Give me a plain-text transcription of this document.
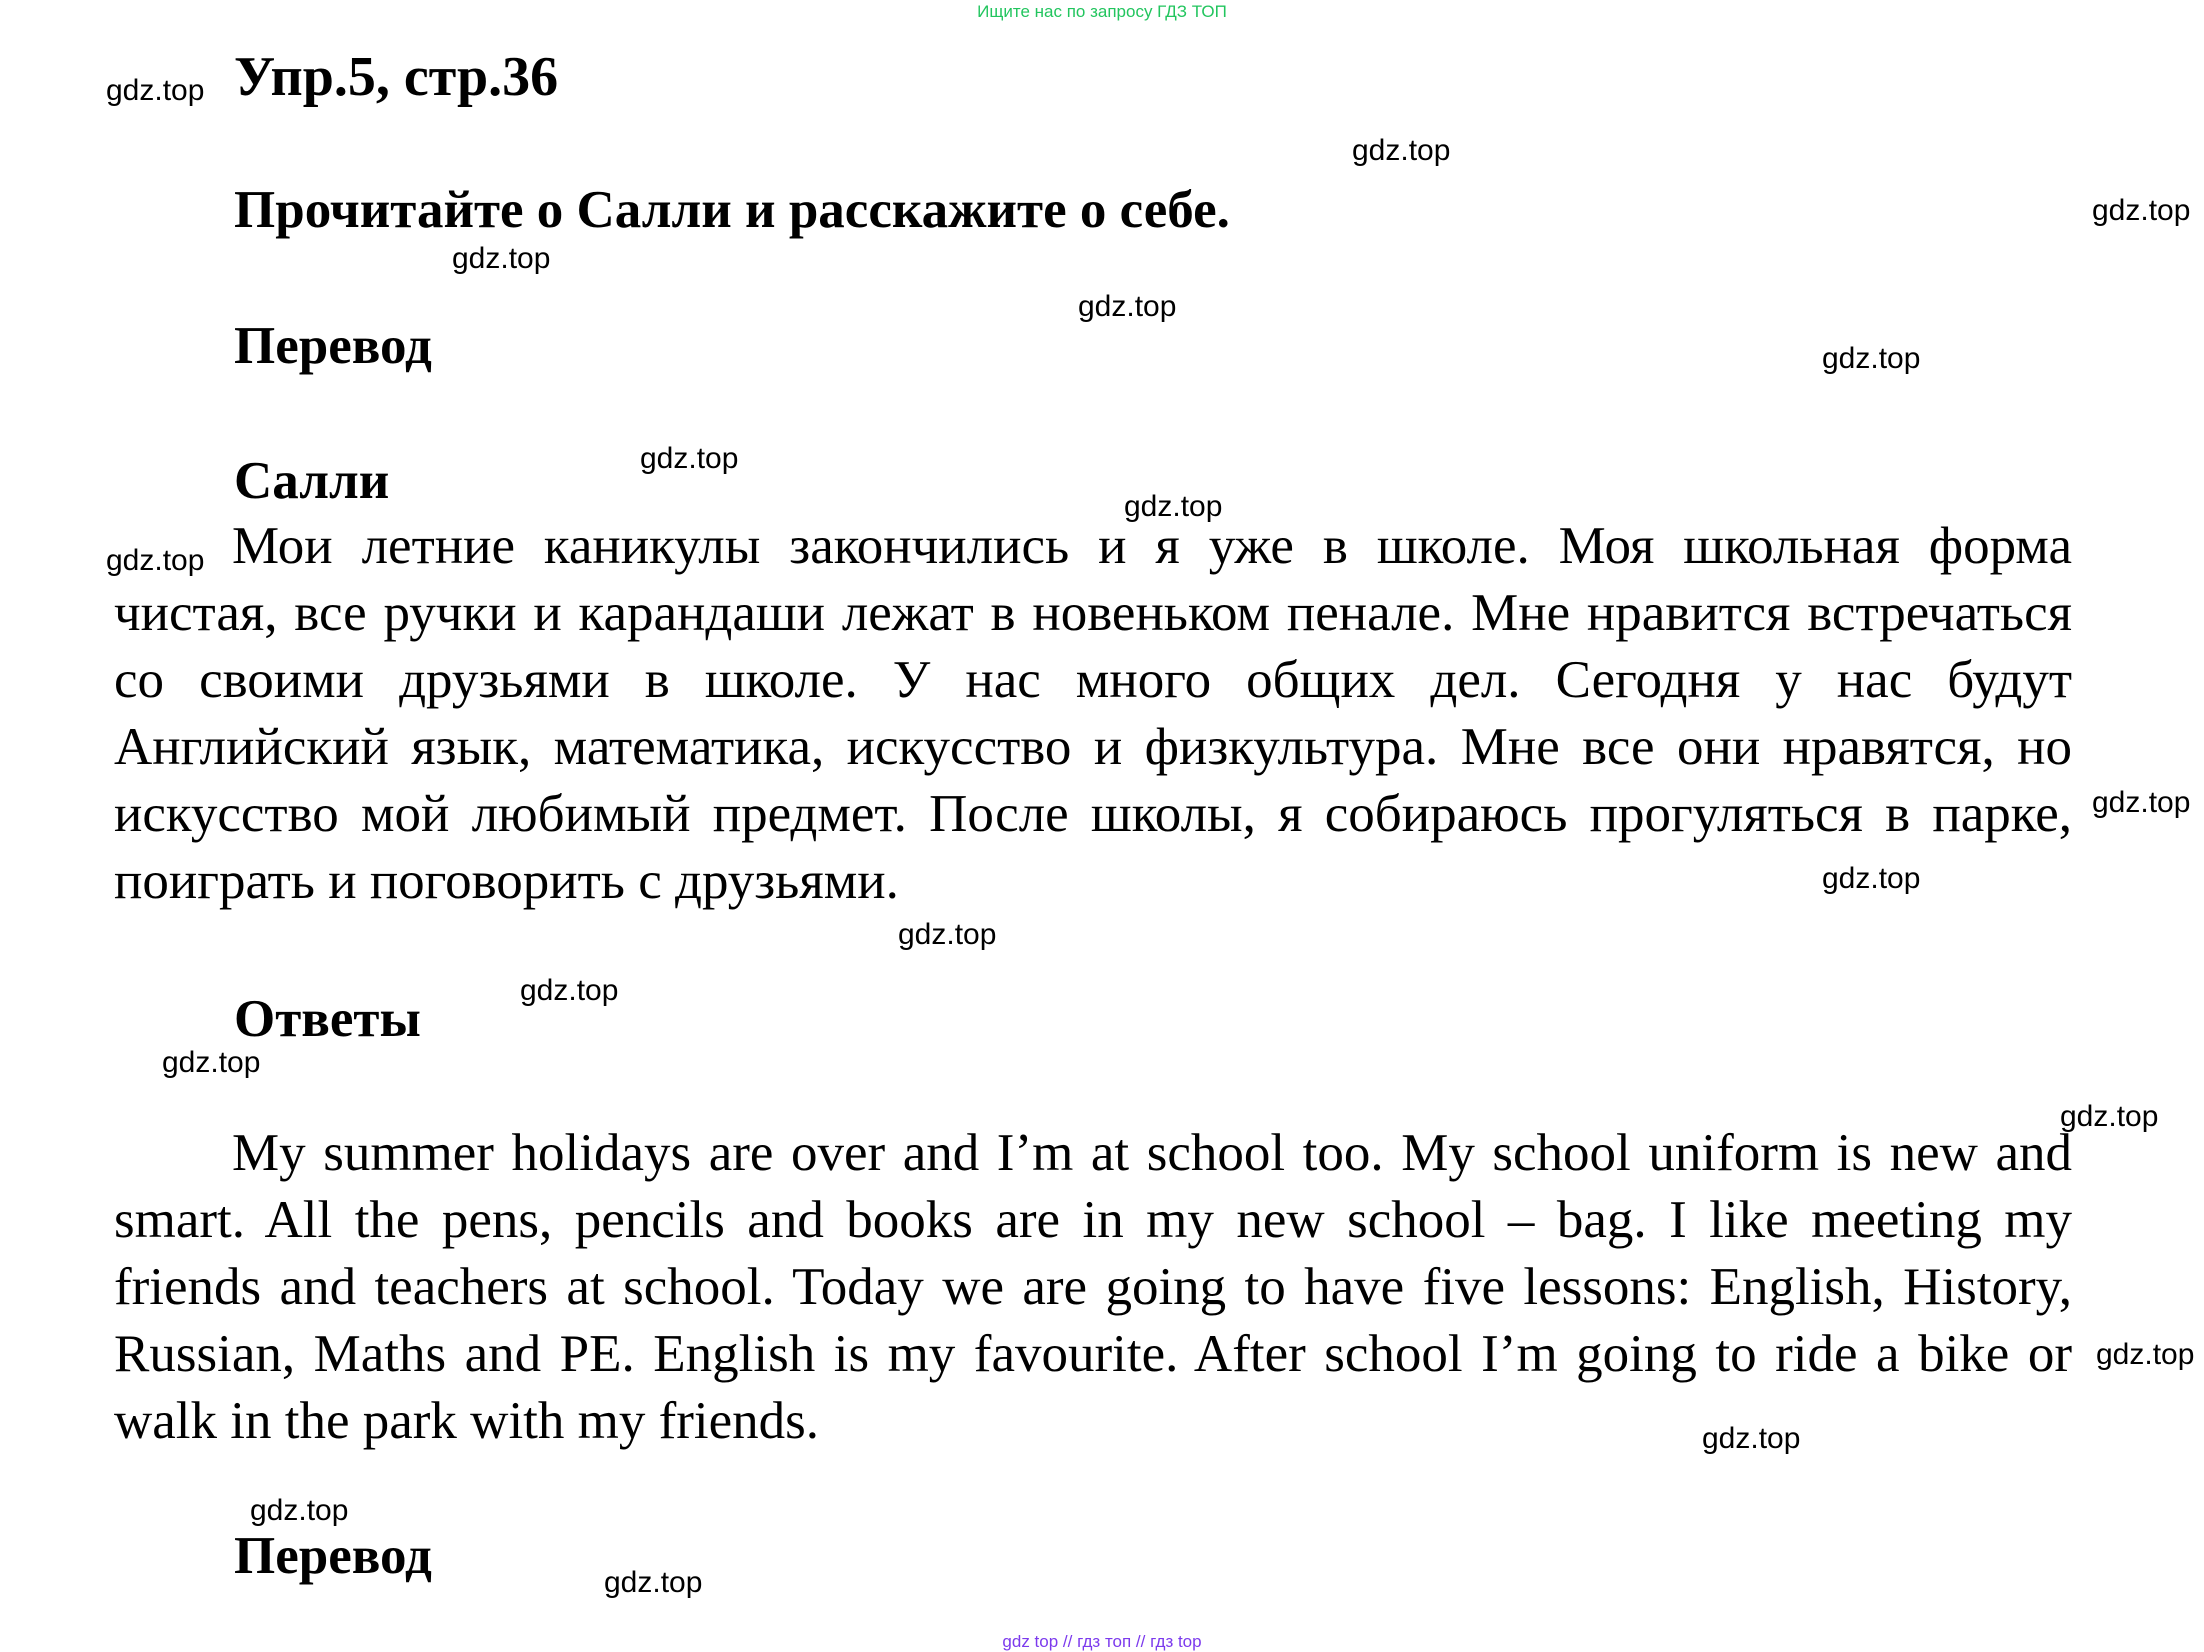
Ищите нас по запросу ГДЗ ТОП
Упр.5, стр.36
Прочитайте о Салли и расскажите о себе.
Перевод
Салли

Мои летние каникулы закончились и я уже в школе. Моя школьная форма чистая, все ручки и карандаши лежат в новеньком пенале. Мне нравится встречаться со своими друзьями в школе. У нас много общих дел. Сегодня у нас будут Английский язык, математика, искусство и физкультура. Мне все они нравятся, но искусство мой любимый предмет. После школы, я собираюсь прогуляться в парке, поиграть и поговорить с друзьями.

Ответы

My summer holidays are over and I’m at school too. My school uniform is new and smart. All the pens, pencils and books are in my new school – bag. I like meeting my friends and teachers at school. Today we are going to have five lessons: English, History, Russian, Maths and PE. English is my favourite. After school I’m going to ride a bike or walk in the park with my friends.

Перевод
gdz.top
gdz.top
gdz.top
gdz.top
gdz.top
gdz.top
gdz.top
gdz.top
gdz.top
gdz.top
gdz.top
gdz.top
gdz.top
gdz.top
gdz.top
gdz.top
gdz.top
gdz.top
gdz.top
gdz top // гдз топ // гдз top
